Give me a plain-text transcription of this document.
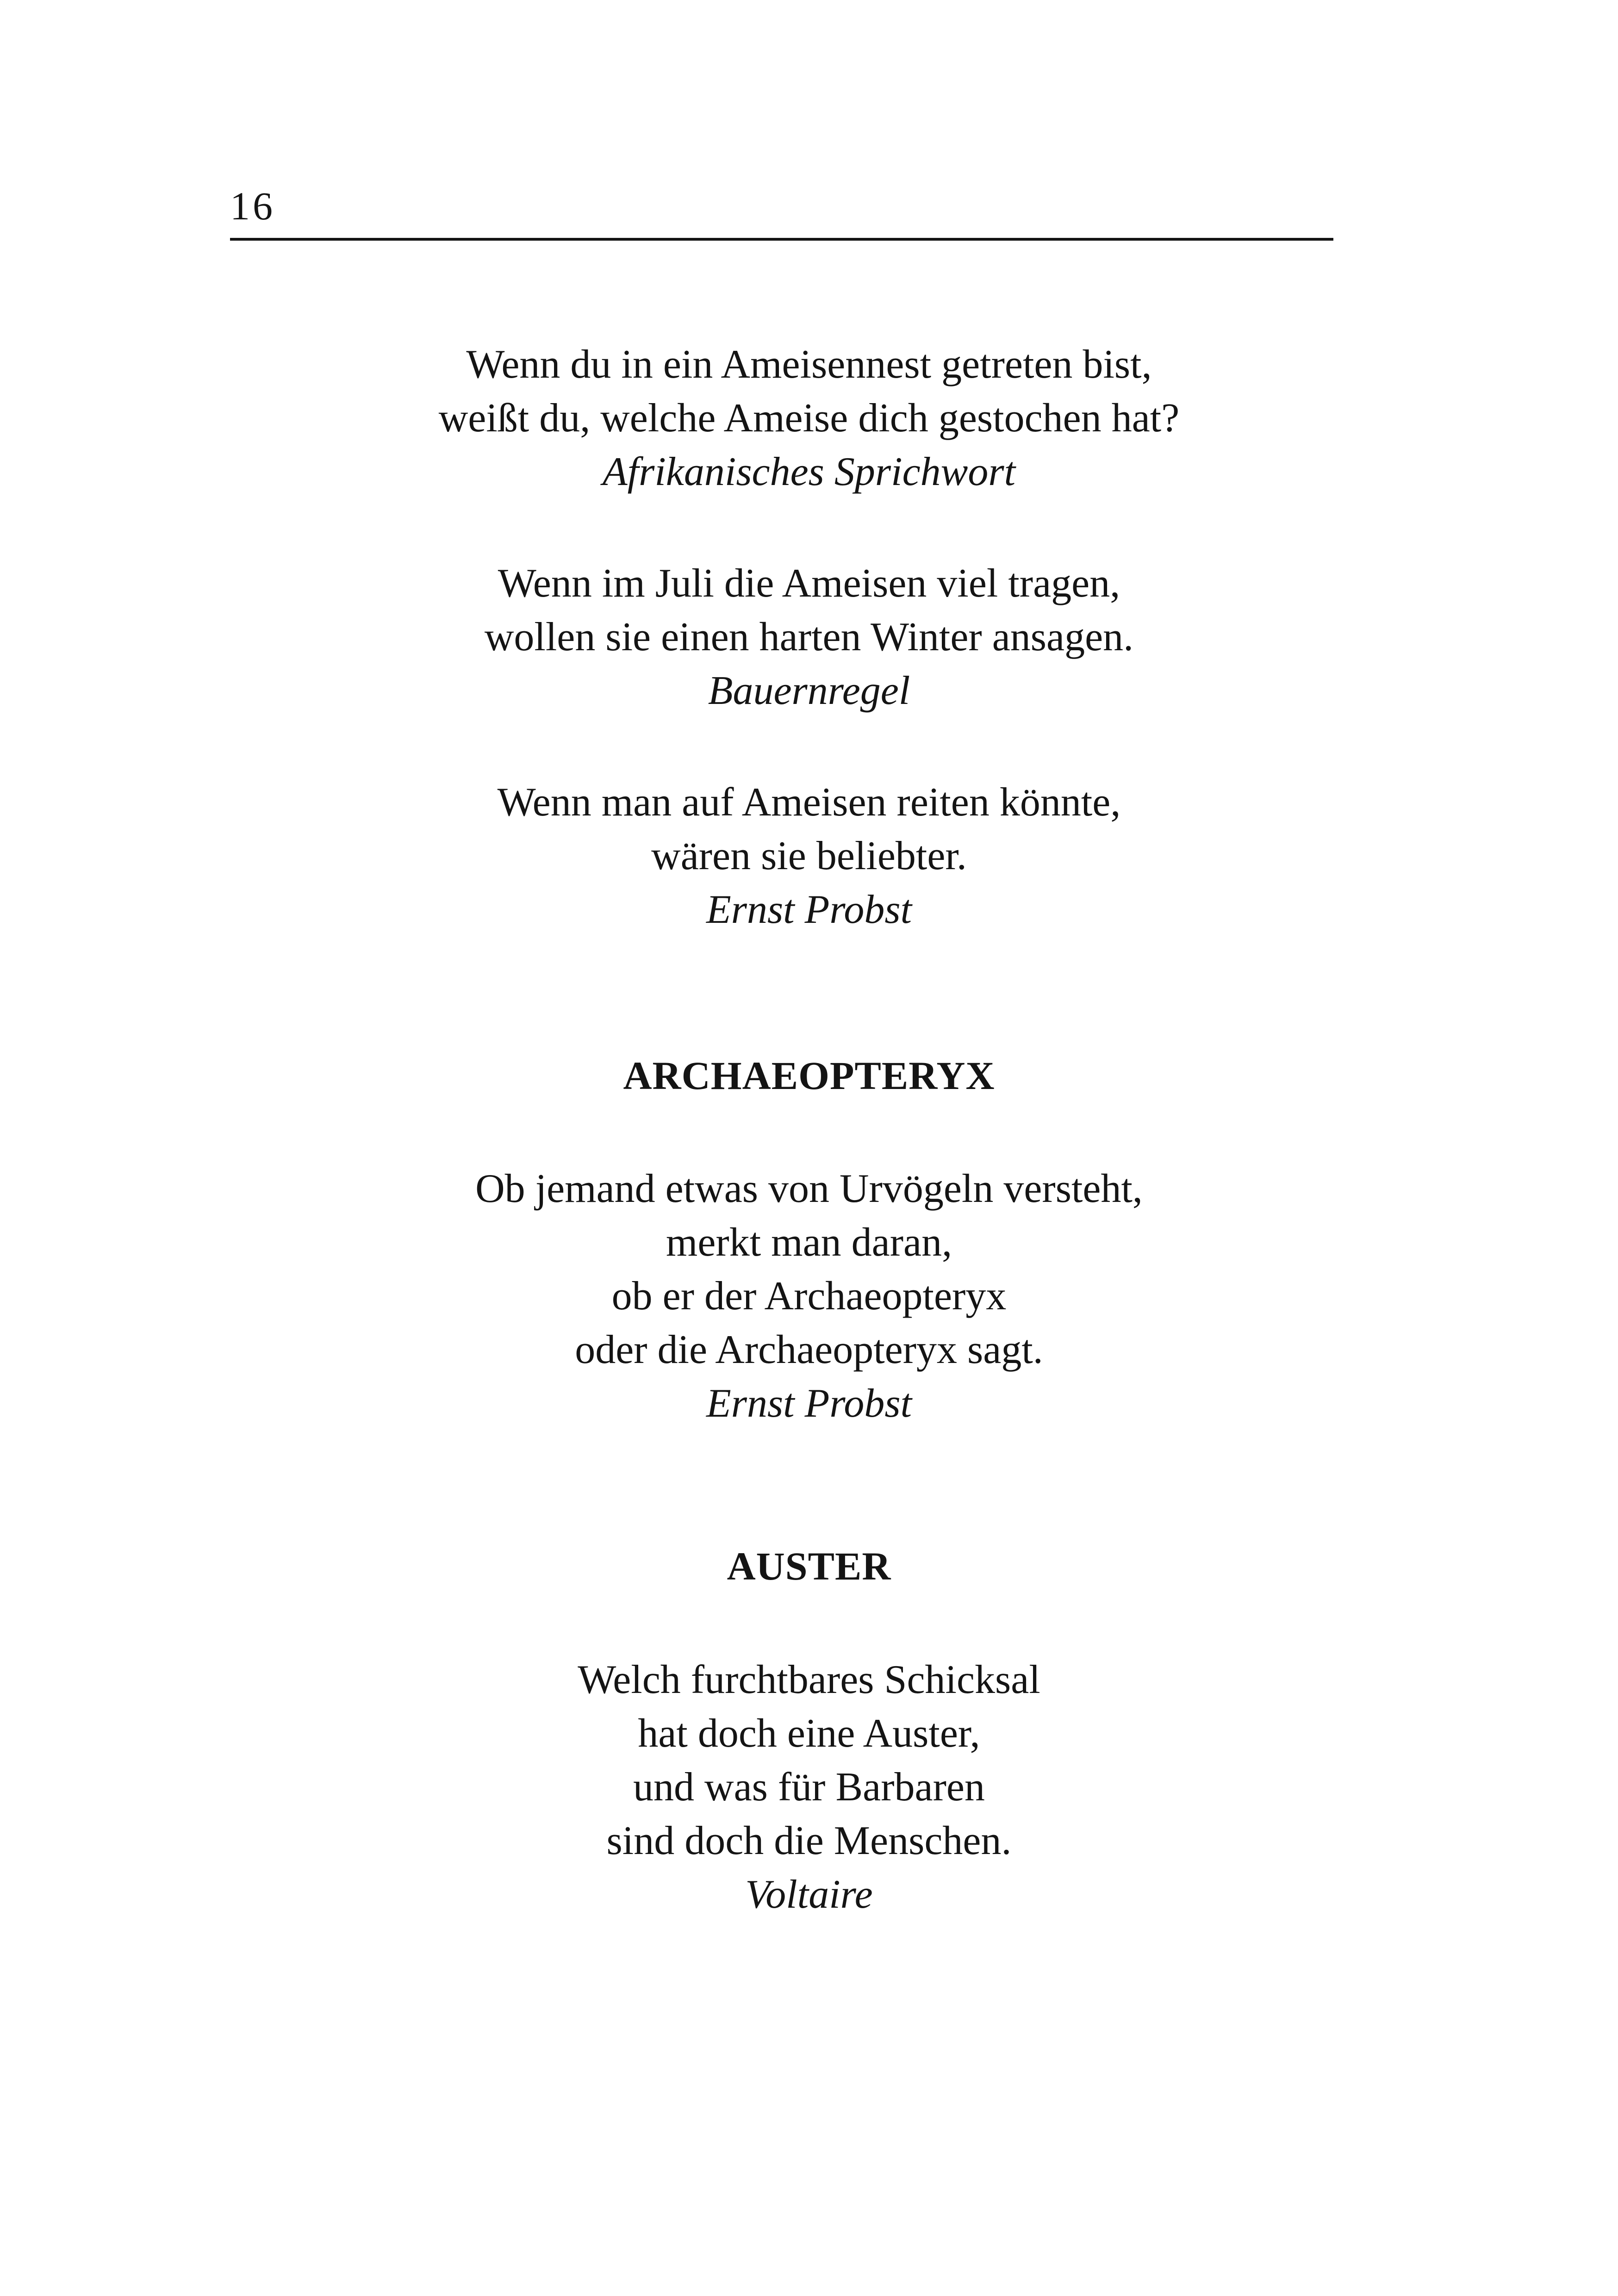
16
Wenn du in ein Ameisennest getreten bist,
weißt du, welche Ameise dich gestochen hat?
Afrikanisches Sprichwort
Wenn im Juli die Ameisen viel tragen,
wollen sie einen harten Winter ansagen.
Bauernregel
Wenn man auf Ameisen reiten könnte,
wären sie beliebter.
Ernst Probst
ARCHAEOPTERYX
Ob jemand etwas von Urvögeln versteht,
merkt man daran,
ob er der Archaeopteryx
oder die Archaeopteryx sagt.
Ernst Probst
AUSTER
Welch furchtbares Schicksal
hat doch eine Auster,
und was für Barbaren
sind doch die Menschen.
Voltaire
